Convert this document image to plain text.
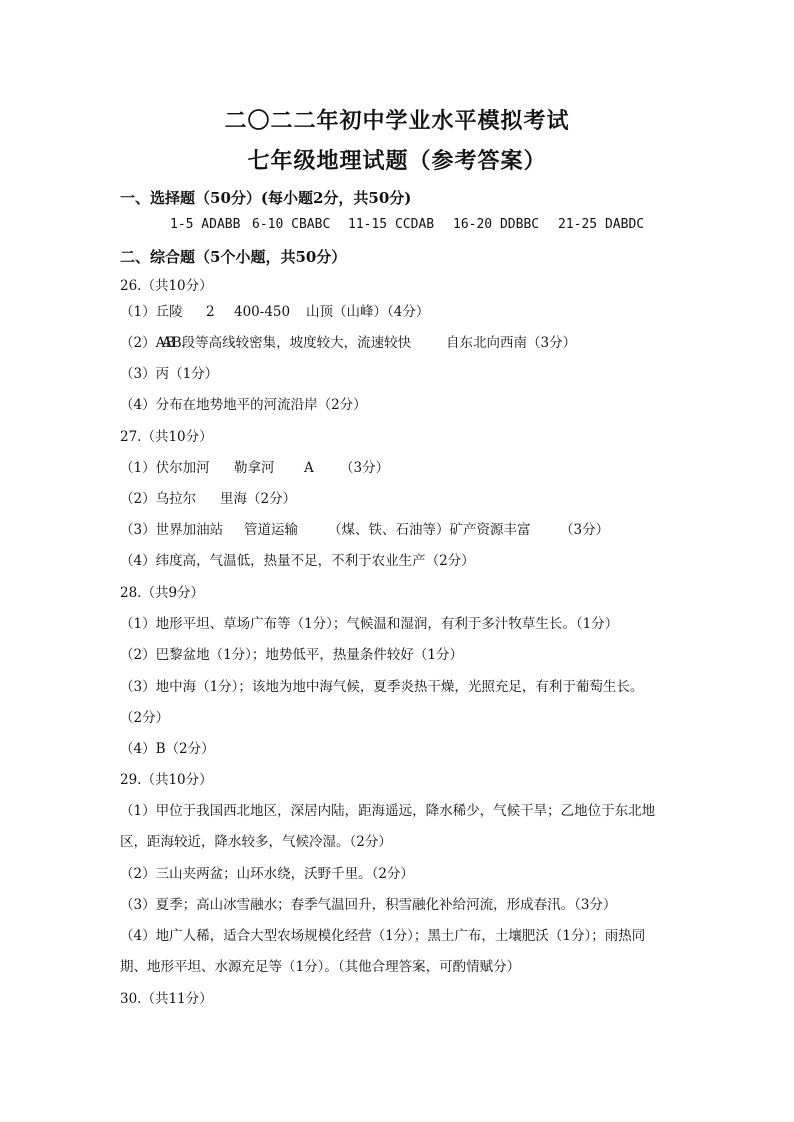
二〇二二年初中学业水平模拟考试
七年级地理试题（参考答案）
一、选择题（50分）(每小题2分，共50分)
1-5 ADABB 6-10 CBABC 11-15 CCDAB 16-20 DDBBC 21-25 DABDC
二、综合题（5个小题，共50分）
26.（共10分）
（1）丘陵 2 400-450 山顶（山峰）（4分）
（2）ABAB段等高线较密集，坡度较大，流速较快	自东北向西南（3分）
（3）丙（1分）
（4）分布在地势地平的河流沿岸（2分）
27.（共10分）
（1）伏尔加河 勒拿河 A （3分）
（2）乌拉尔 里海（2分）
（3）世界加油站 管道运输 （煤、铁、石油等）矿产资源丰富 （3分）
（4）纬度高，气温低，热量不足，不利于农业生产（2分）
28.（共9分）
（1）地形平坦、草场广布等（1分）；气候温和湿润，有利于多汁牧草生长。（1分）
（2）巴黎盆地（1分）；地势低平，热量条件较好（1分）
（3）地中海（1分）；该地为地中海气候，夏季炎热干燥，光照充足，有利于葡萄生长。
（2分）
（4）B（2分）
29.（共10分）
（1）甲位于我国西北地区，深居内陆，距海遥远，降水稀少，气候干旱；乙地位于东北地
区，距海较近，降水较多，气候冷湿。（2分）
（2）三山夹两盆；山环水绕，沃野千里。（2分）
（3）夏季；高山冰雪融水；春季气温回升，积雪融化补给河流，形成春汛。（3分）
（4）地广人稀，适合大型农场规模化经营（1分）；黑土广布，土壤肥沃（1分）；雨热同
期、地形平坦、水源充足等（1分）。（其他合理答案，可酌情赋分）
30.（共11分）
